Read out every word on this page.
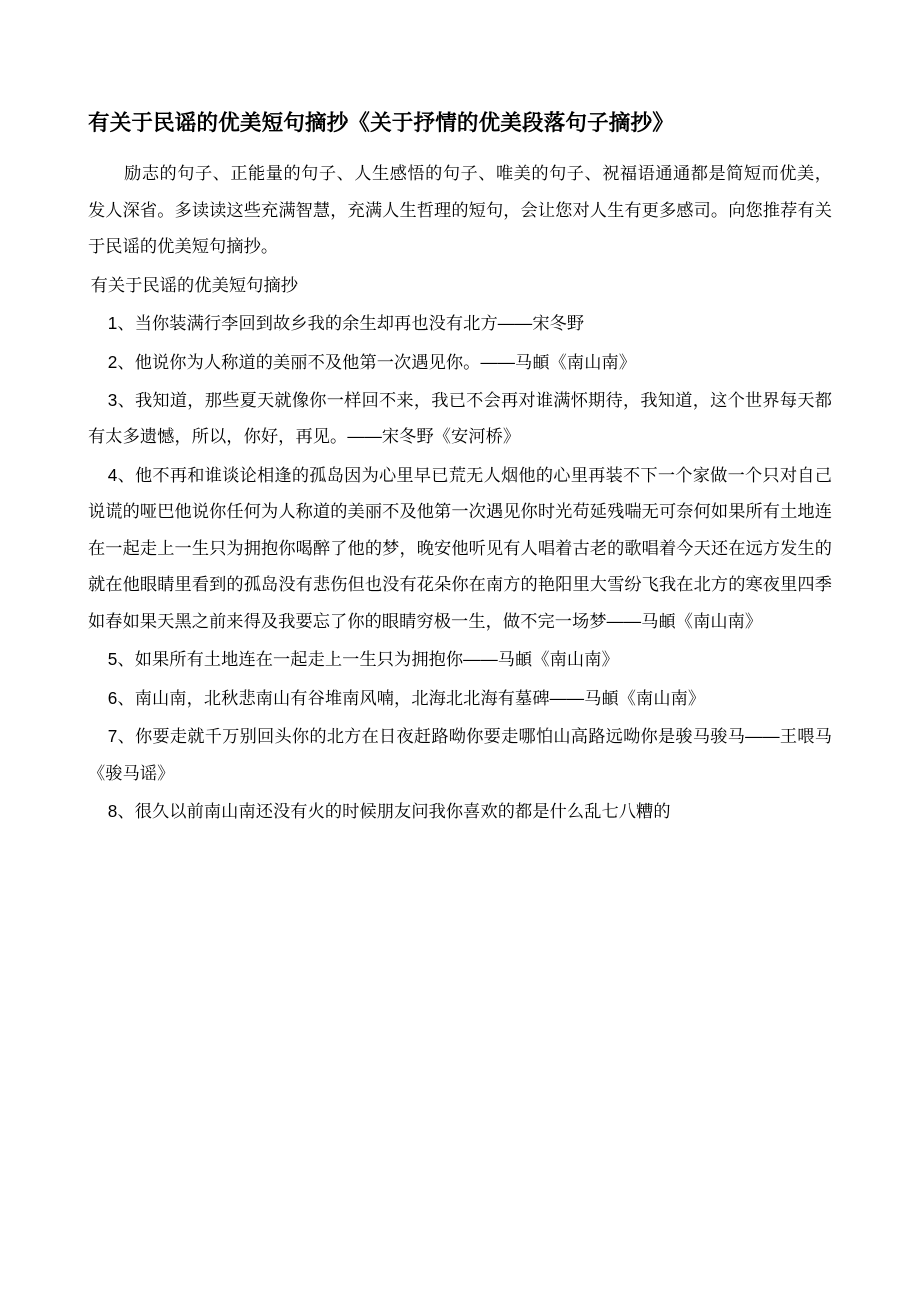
有关于民谣的优美短句摘抄《关于抒情的优美段落句子摘抄》

励志的句子、正能量的句子、人生感悟的句子、唯美的句子、祝福语通通都是简短而优美，发人深省。多读读这些充满智慧，充满人生哲理的短句，会让您对人生有更多感司。向您推荐有关于民谣的优美短句摘抄。

有关于民谣的优美短句摘抄

1、当你装满行李回到故乡我的余生却再也没有北方——宋冬野

2、他说你为人称道的美丽不及他第一次遇见你。——马頔《南山南》

3、我知道，那些夏天就像你一样回不来，我已不会再对谁满怀期待，我知道，这个世界每天都有太多遗憾，所以，你好，再见。——宋冬野《安河桥》

4、他不再和谁谈论相逢的孤岛因为心里早已荒无人烟他的心里再装不下一个家做一个只对自己说谎的哑巴他说你任何为人称道的美丽不及他第一次遇见你时光苟延残喘无可奈何如果所有土地连在一起走上一生只为拥抱你喝醉了他的梦，晚安他听见有人唱着古老的歌唱着今天还在远方发生的就在他眼睛里看到的孤岛没有悲伤但也没有花朵你在南方的艳阳里大雪纷飞我在北方的寒夜里四季如春如果天黑之前来得及我要忘了你的眼睛穷极一生，做不完一场梦——马頔《南山南》

5、如果所有土地连在一起走上一生只为拥抱你——马頔《南山南》

6、南山南，北秋悲南山有谷堆南风喃，北海北北海有墓碑——马頔《南山南》

7、你要走就千万别回头你的北方在日夜赶路呦你要走哪怕山高路远呦你是骏马骏马——王喂马《骏马谣》

8、很久以前南山南还没有火的时候朋友问我你喜欢的都是什么乱七八糟的
